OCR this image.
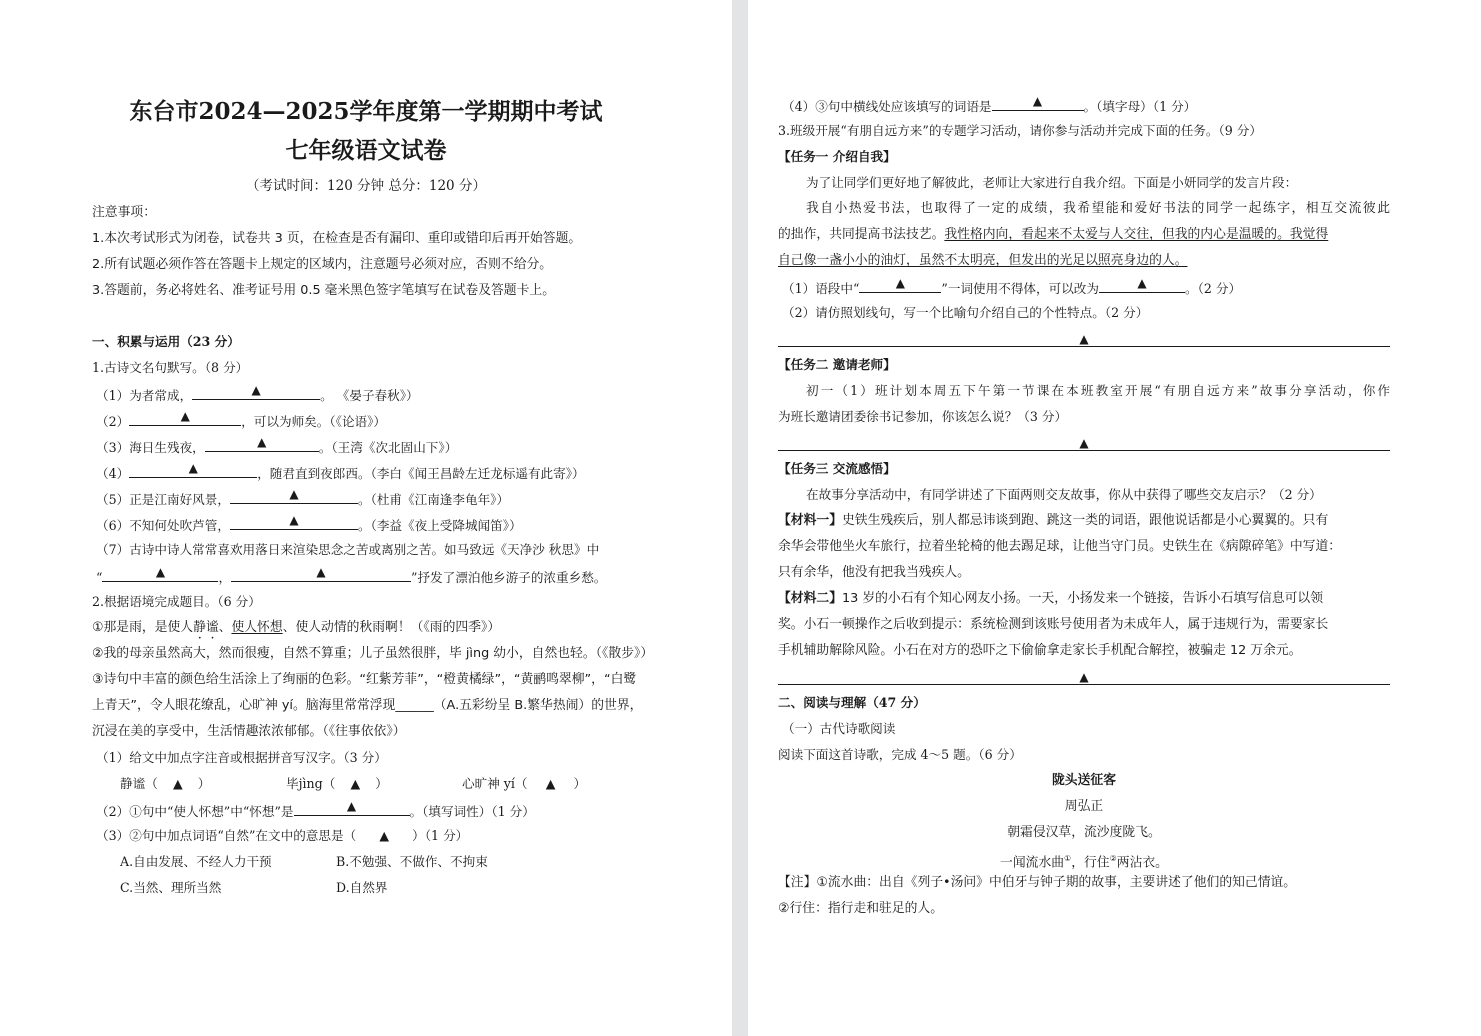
东台市2024—2025学年度第一学期期中考试
七年级语文试卷
（考试时间：120 分钟 总分：120 分）
注意事项：
1.本次考试形式为闭卷，试卷共 3 页，在检查是否有漏印、重印或错印后再开始答题。
2.所有试题必须作答在答题卡上规定的区域内，注意题号必须对应，否则不给分。
3.答题前，务必将姓名、准考证号用 0.5 毫米黑色签字笔填写在试卷及答题卡上。
一、积累与运用（23 分）
1.古诗文名句默写。（8 分）
（1）为者常成，	▲	。 《晏子春秋》）
（2）	▲	，可以为师矣。（《论语》）
（3）海日生残夜，	▲	。（王湾《次北固山下》）
（4）	▲	，随君直到夜郎西。（李白《闻王昌龄左迁龙标遥有此寄》）
（5）正是江南好风景，	▲	。（杜甫《江南逢李龟年》）
（6）不知何处吹芦管，	▲	。（李益《夜上受降城闻笛》）
（7）古诗中诗人常常喜欢用落日来渲染思念之苦或离别之苦。如马致远《天净沙 秋思》中
“	▲	，	▲	”抒发了漂泊他乡游子的浓重乡愁。
2.根据语境完成题目。（6 分）
①那是雨，是使人静谧、使人怀想、使人动情的秋雨啊！（《雨的四季》）
②我的母亲虽然高大，然而很瘦，自然不算重；儿子虽然很胖，毕 jìng 幼小，自然也轻。（《散步》）
③诗句中丰富的颜色给生活涂上了绚丽的色彩。“红紫芳菲”，“橙黄橘绿”，“黄鹂鸣翠柳”，“白鹭
上青天”，令人眼花缭乱，心旷神 yí。脑海里常常浮现______（A.五彩纷呈 B.繁华热闹）的世界，
沉浸在美的享受中，生活情趣浓浓郁郁。（《往事依依》）
（1）给文中加点字注音或根据拼音写汉字。（3 分）
静谧（ ▲ ）	毕jìng（ ▲ ）	心旷神 yí（ ▲ ）
（2）①句中“使人怀想”中“怀想”是	▲	。（填写词性）（1 分）
（3）②句中加点词语“自然”在文中的意思是（ ▲ ）（1 分）
A.自由发展、不经人力干预	B.不勉强、不做作、不拘束
C.当然、理所当然	D.自然界
（4）③句中横线处应该填写的词语是	▲	。（填字母）（1 分）
3.班级开展“有朋自远方来”的专题学习活动，请你参与活动并完成下面的任务。（9 分）
【任务一 介绍自我】
为了让同学们更好地了解彼此，老师让大家进行自我介绍。下面是小妍同学的发言片段：
我自小热爱书法，也取得了一定的成绩，我希望能和爱好书法的同学一起练字，相互交流彼此
的拙作，共同提高书法技艺。我性格内向，看起来不太爱与人交往，但我的内心是温暖的。我觉得
自己像一盏小小的油灯，虽然不太明亮，但发出的光足以照亮身边的人。
（1）语段中“	▲	”一词使用不得体，可以改为	▲	。（2 分）
（2）请仿照划线句，写一个比喻句介绍自己的个性特点。（2 分）
▲
【任务二 邀请老师】
初一（1）班计划本周五下午第一节课在本班教室开展“有朋自远方来”故事分享活动，你作
为班长邀请团委徐书记参加，你该怎么说？（3 分）
▲
【任务三 交流感悟】
在故事分享活动中，有同学讲述了下面两则交友故事，你从中获得了哪些交友启示？（2 分）
【材料一】史铁生残疾后，别人都忌讳谈到跑、跳这一类的词语，跟他说话都是小心翼翼的。只有
余华会带他坐火车旅行，拉着坐轮椅的他去踢足球，让他当守门员。史铁生在《病隙碎笔》中写道：
只有余华，他没有把我当残疾人。
【材料二】13 岁的小石有个知心网友小扬。一天，小扬发来一个链接，告诉小石填写信息可以领
奖。小石一顿操作之后收到提示：系统检测到该账号使用者为未成年人，属于违规行为，需要家长
手机辅助解除风险。小石在对方的恐吓之下偷偷拿走家长手机配合解控，被骗走 12 万余元。
▲
二、阅读与理解（47 分）
（一）古代诗歌阅读
阅读下面这首诗歌，完成 4～5 题。（6 分）
陇头送征客
周弘正
朝霜侵汉草，流沙度陇飞。
一闻流水曲①，行住②两沾衣。
【注】①流水曲：出自《列子•汤问》中伯牙与钟子期的故事，主要讲述了他们的知己情谊。
②行住：指行走和驻足的人。
